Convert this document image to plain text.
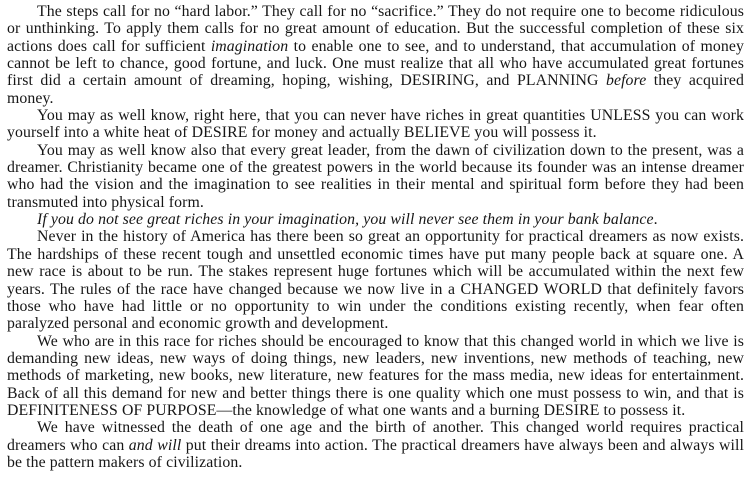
The steps call for no “hard labor.” They call for no “sacrifice.” They do not require one to become ridiculous or unthinking. To apply them calls for no great amount of education. But the successful completion of these six actions does call for sufficient imagination to enable one to see, and to understand, that accumulation of money cannot be left to chance, good fortune, and luck. One must realize that all who have accumulated great fortunes first did a certain amount of dreaming, hoping, wishing, DESIRING, and PLANNING before they acquired money.

You may as well know, right here, that you can never have riches in great quantities UNLESS you can work yourself into a white heat of DESIRE for money and actually BELIEVE you will possess it.

You may as well know also that every great leader, from the dawn of civilization down to the present, was a dreamer. Christianity became one of the greatest powers in the world because its founder was an intense dreamer who had the vision and the imagination to see realities in their mental and spiritual form before they had been transmuted into physical form.

If you do not see great riches in your imagination, you will never see them in your bank balance.

Never in the history of America has there been so great an opportunity for practical dreamers as now exists. The hardships of these recent tough and unsettled economic times have put many people back at square one. A new race is about to be run. The stakes represent huge fortunes which will be accumulated within the next few years. The rules of the race have changed because we now live in a CHANGED WORLD that definitely favors those who have had little or no opportunity to win under the conditions existing recently, when fear often paralyzed personal and economic growth and development.

We who are in this race for riches should be encouraged to know that this changed world in which we live is demanding new ideas, new ways of doing things, new leaders, new inventions, new methods of teaching, new methods of marketing, new books, new literature, new features for the mass media, new ideas for entertainment. Back of all this demand for new and better things there is one quality which one must possess to win, and that is DEFINITENESS OF PURPOSE—the knowledge of what one wants and a burning DESIRE to possess it.

We have witnessed the death of one age and the birth of another. This changed world requires practical dreamers who can and will put their dreams into action. The practical dreamers have always been and always will be the pattern makers of civilization.
